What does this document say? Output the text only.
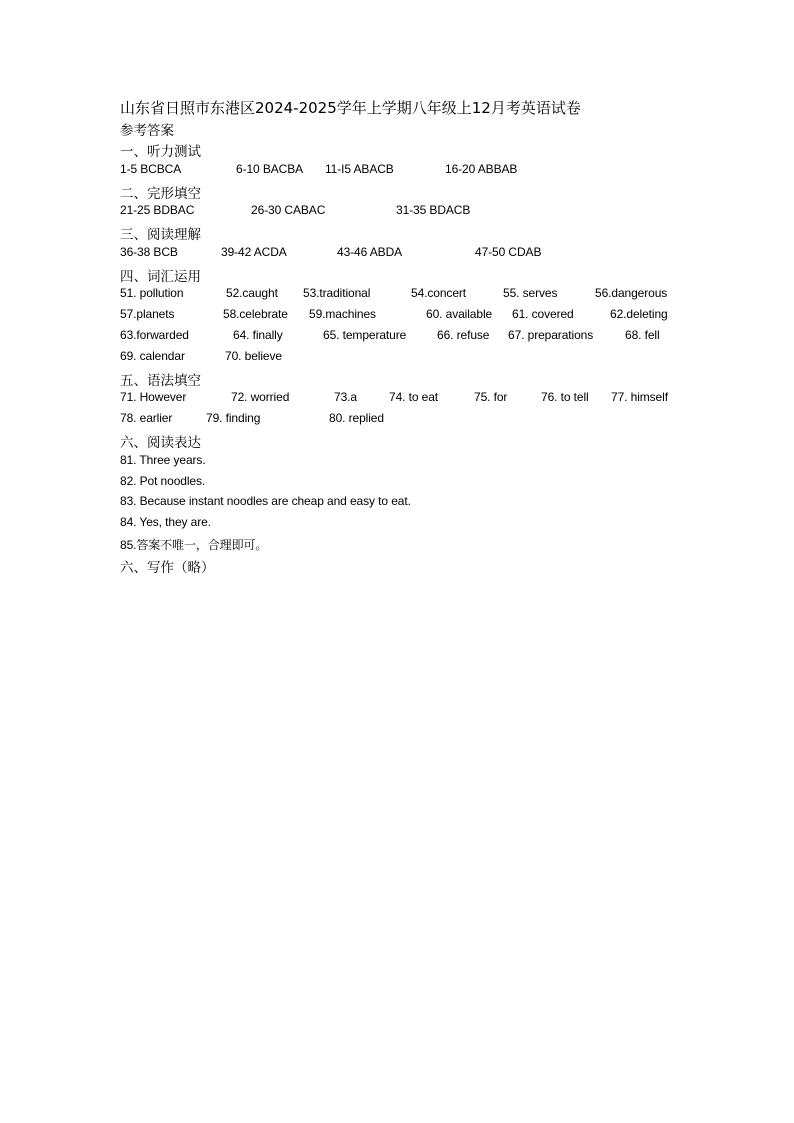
山东省日照市东港区2024-2025学年上学期八年级上12月考英语试卷
参考答案
一、听力测试
1-5 BCBCA	6-10 BACBA 11-I5 ABACB	16-20 ABBAB
二、完形填空
21-25 BDBAC	26-30 CABAC	31-35 BDACB
三、阅读理解
36-38 BCB	39-42 ACDA	43-46 ABDA	47-50 CDAB
四、词汇运用
51. pollution	52.caught 53.traditional	54.concert	55. serves	56.dangerous
57.planets	58.celebrate 59.machines	60. available 61. covered	62.deleting
63.forwarded	64. finally	65. temperature	66. refuse 67. preparations	68. fell
69. calendar	70. believe
五、语法填空
71. However	72. worried	73.a	74. to eat	75. for	76. to tell 77. himself
78. earlier	79. finding	80. replied
六、阅读表达
81. Three years.
82. Pot noodles.
83. Because instant noodles are cheap and easy to eat.
84. Yes, they are.
85.答案不唯一，合理即可。
六、写作（略）
